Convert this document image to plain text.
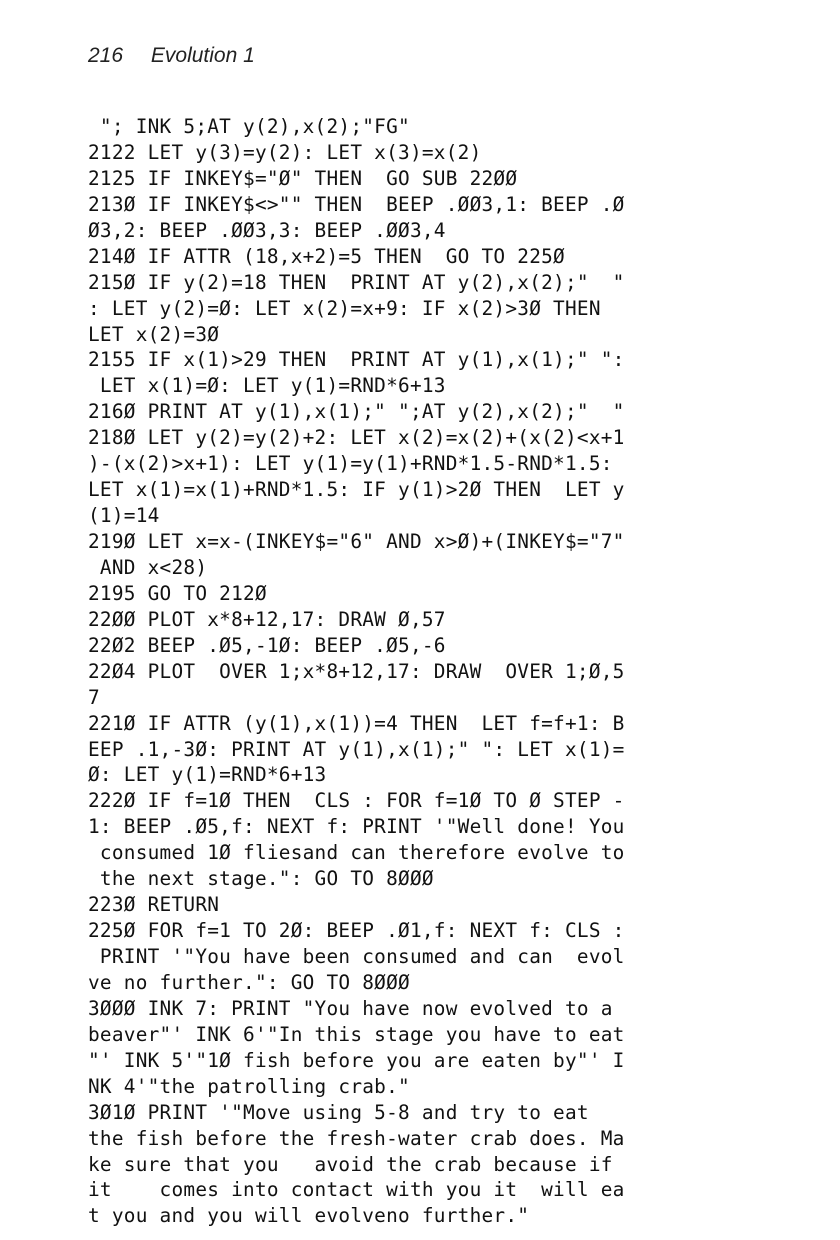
216 Evolution 1
"; INK 5;AT y(2),x(2);"FG"
2122 LET y(3)=y(2): LET x(3)=x(2)
2125 IF INKEY$="Ø" THEN  GO SUB 22ØØ
213Ø IF INKEY$<>"" THEN  BEEP .ØØ3,1: BEEP .Ø
Ø3,2: BEEP .ØØ3,3: BEEP .ØØ3,4
214Ø IF ATTR (18,x+2)=5 THEN  GO TO 225Ø
215Ø IF y(2)=18 THEN  PRINT AT y(2),x(2);"  "
: LET y(2)=Ø: LET x(2)=x+9: IF x(2)>3Ø THEN
LET x(2)=3Ø
2155 IF x(1)>29 THEN  PRINT AT y(1),x(1);" ":
LET x(1)=Ø: LET y(1)=RND*6+13
216Ø PRINT AT y(1),x(1);" ";AT y(2),x(2);"  "
218Ø LET y(2)=y(2)+2: LET x(2)=x(2)+(x(2)<x+1
)-(x(2)>x+1): LET y(1)=y(1)+RND*1.5-RND*1.5:
LET x(1)=x(1)+RND*1.5: IF y(1)>2Ø THEN  LET y
(1)=14
219Ø LET x=x-(INKEY$="6" AND x>Ø)+(INKEY$="7"
AND x<28)
2195 GO TO 212Ø
22ØØ PLOT x*8+12,17: DRAW Ø,57
22Ø2 BEEP .Ø5,-1Ø: BEEP .Ø5,-6
22Ø4 PLOT  OVER 1;x*8+12,17: DRAW  OVER 1;Ø,5
7
221Ø IF ATTR (y(1),x(1))=4 THEN  LET f=f+1: B
EEP .1,-3Ø: PRINT AT y(1),x(1);" ": LET x(1)=
Ø: LET y(1)=RND*6+13
222Ø IF f=1Ø THEN  CLS : FOR f=1Ø TO Ø STEP -
1: BEEP .Ø5,f: NEXT f: PRINT '"Well done! You
consumed 1Ø fliesand can therefore evolve to
the next stage.": GO TO 8ØØØ
223Ø RETURN
225Ø FOR f=1 TO 2Ø: BEEP .Ø1,f: NEXT f: CLS :
PRINT '"You have been consumed and can  evol
ve no further.": GO TO 8ØØØ
3ØØØ INK 7: PRINT "You have now evolved to a
beaver"' INK 6'"In this stage you have to eat
"' INK 5'"1Ø fish before you are eaten by"' I
NK 4'"the patrolling crab."
3Ø1Ø PRINT '"Move using 5-8 and try to eat
the fish before the fresh-water crab does. Ma
ke sure that you   avoid the crab because if
it    comes into contact with you it  will ea
t you and you will evolveno further."
